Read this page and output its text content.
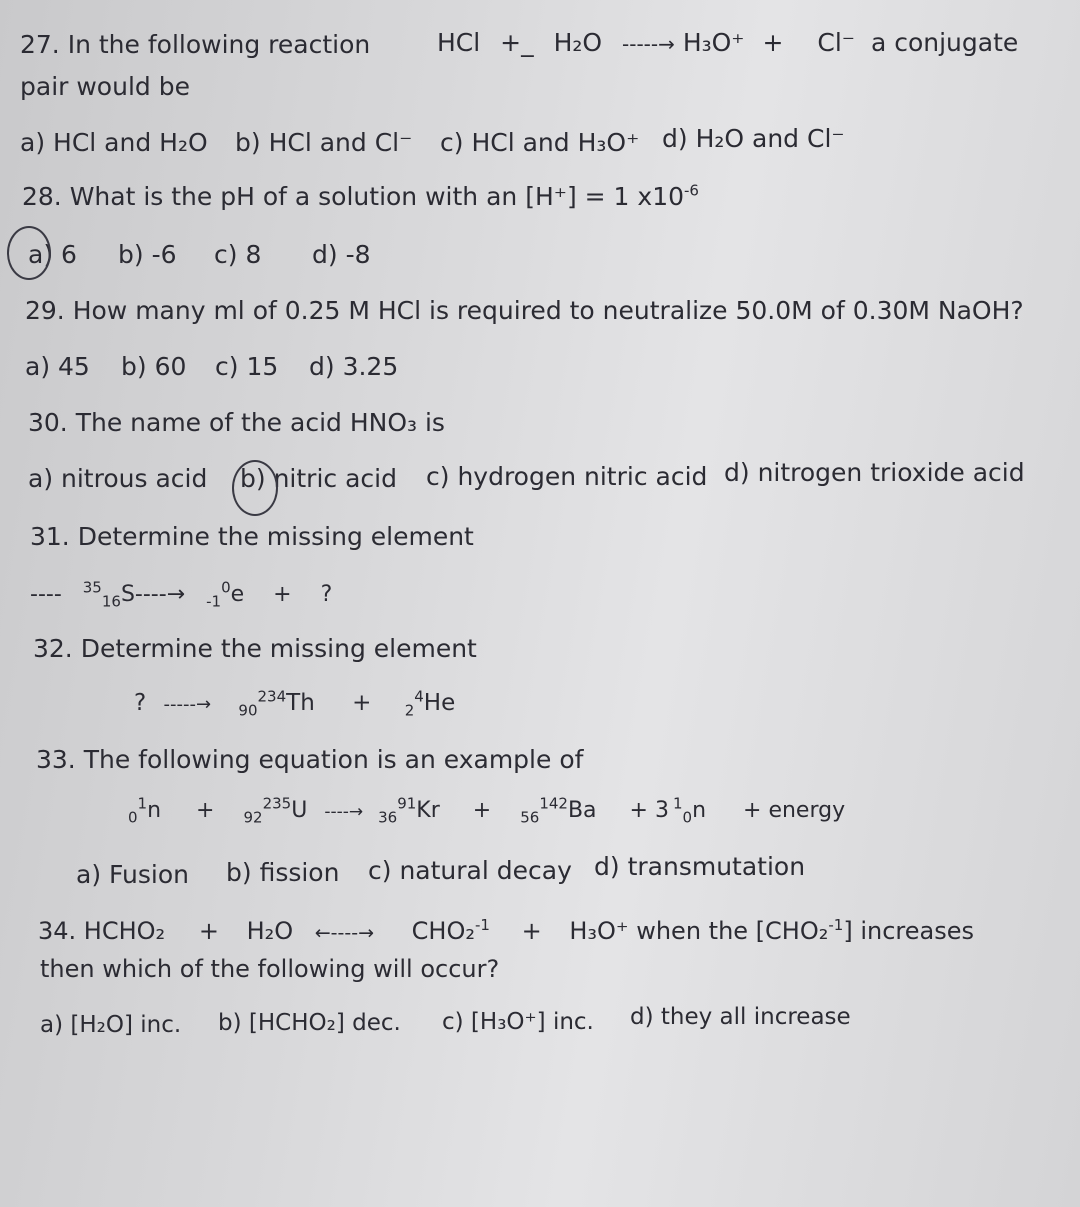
27. In the following reaction	HCl +_ H₂O -----→ H₃O⁺ + Cl⁻ a conjugate
pair would be
a) HCl and H₂O b) HCl and Cl⁻ c) HCl and H₃O⁺ d) H₂O and Cl⁻
28. What is the pH of a solution with an [H⁺] = 1 $x10^{-6}$
a) 6 b) -6 c) 8 d) -8
29. How many ml of 0.25 M HCl is required to neutralize 50.0M of 0.30M NaOH?
a) 45 b) 60 c) 15 d) 3.25
30. The name of the acid HNO₃ is
a) nitrous acid b) nitric acid c) hydrogen nitric acid d) nitrogen trioxide acid
31. Determine the missing element
---- $^{35}_{16}$S----→ $_{-1}^0$e + ?
32. Determine the missing element
? -----→ $_{90}^{234}$Th + $_2^4$He
33. The following equation is an example of
$_0^1$n + $_{92}^{235}$U ----→ $_{36}^{91}$Kr + $_{56}^{142}$Ba + 3 $^1_0$n + energy
a) Fusion b) fission c) natural decay d) transmutation
34. HCHO₂ + H₂O ←----→ CHO₂$^{-1}$ + H₃O⁺ when the [CHO₂$^{-1}$] increases
then which of the following will occur?
a) [H₂O] inc. b) [HCHO₂] dec. c) [H₃O⁺] inc. d) they all increase
